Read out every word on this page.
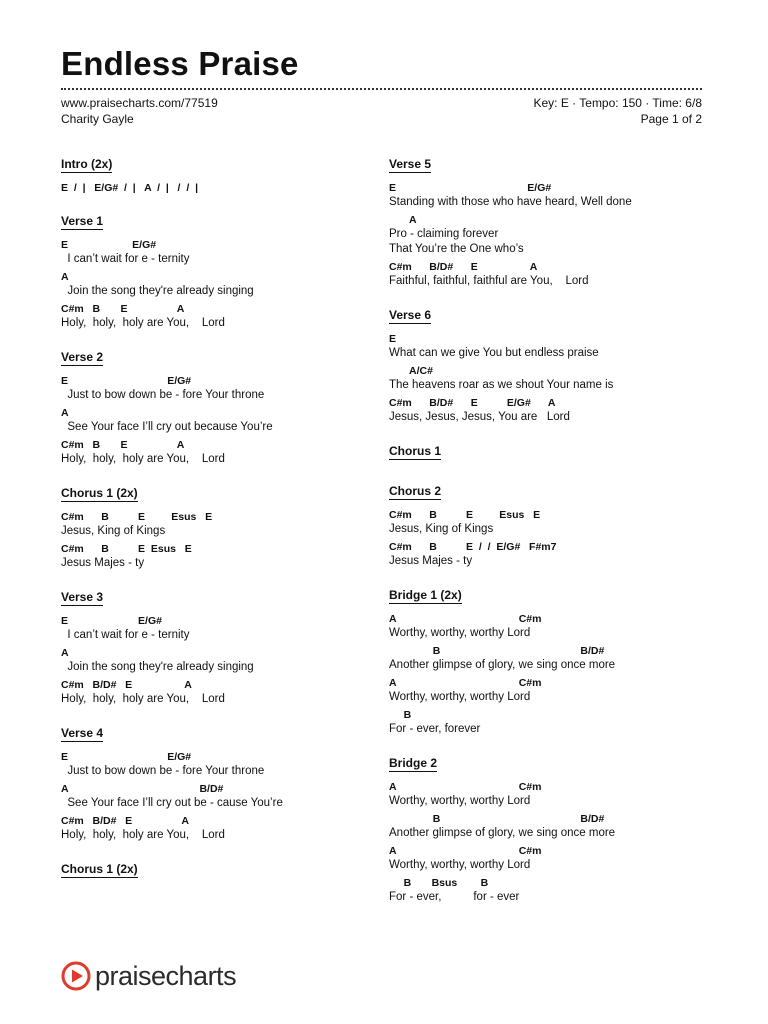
Endless Praise
www.praisecharts.com/77519
Charity Gayle
Key: E · Tempo: 150 · Time: 6/8
Page 1 of 2
Intro (2x)
E  /  |   E/G#  /  |   A  /  |   /  /  |
Verse 1
E                      E/G#
I can’t wait for e - ternity
A
Join the song they're already singing
C#m   B       E                 A
Holy,  holy,  holy are You,    Lord
Verse 2
E                                  E/G#
Just to bow down be - fore Your throne
A
See Your face I’ll cry out because You’re
C#m   B       E                 A
Holy,  holy,  holy are You,    Lord
Chorus 1 (2x)
C#m      B          E         Esus   E
Jesus, King of Kings
C#m      B          E  Esus   E
Jesus Majes - ty
Verse 3
E                        E/G#
I can’t wait for e - ternity
A
Join the song they're already singing
C#m   B/D#   E                  A
Holy,  holy,  holy are You,    Lord
Verse 4
E                                  E/G#
Just to bow down be - fore Your throne
A                                             B/D#
See Your face I’ll cry out be - cause You’re
C#m   B/D#   E                 A
Holy,  holy,  holy are You,    Lord
Chorus 1 (2x)
Verse 5
E                                             E/G#
Standing with those who have heard, Well done
A
Pro - claiming forever
That You’re the One who’s
C#m      B/D#      E                  A
Faithful, faithful, faithful are You,    Lord
Verse 6
E
What can we give You but endless praise
A/C#
The heavens roar as we shout Your name is
C#m      B/D#      E          E/G#      A
Jesus, Jesus, Jesus, You are   Lord
Chorus 1
Chorus 2
C#m      B          E         Esus   E
Jesus, King of Kings
C#m      B          E  /  /  E/G#   F#m7
Jesus Majes - ty
Bridge 1 (2x)
A                                          C#m
Worthy, worthy, worthy Lord
B                                                B/D#
Another glimpse of glory, we sing once more
A                                          C#m
Worthy, worthy, worthy Lord
B
For - ever, forever
Bridge 2
A                                          C#m
Worthy, worthy, worthy Lord
B                                                B/D#
Another glimpse of glory, we sing once more
A                                          C#m
Worthy, worthy, worthy Lord
B       Bsus        B
For - ever,          for - ever
praisecharts
